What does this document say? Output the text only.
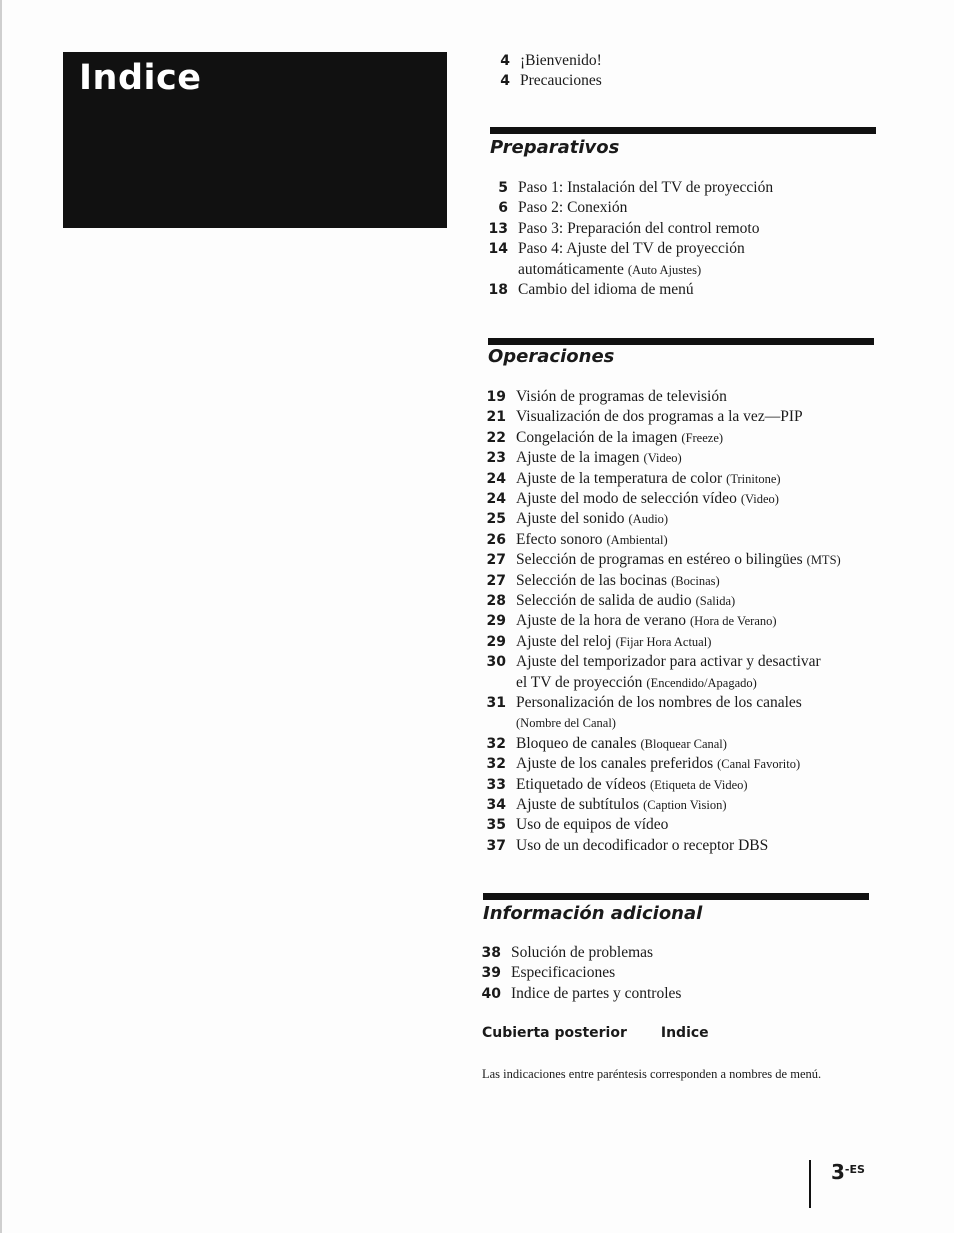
Indice	4 ¡Bienvenido!
4 Precauciones
Preparativos
5 Paso 1: Instalación del TV de proyección
6 Paso 2: Conexión
13 Paso 3: Preparación del control remoto
14 Paso 4: Ajuste del TV de proyección
automáticamente (Auto Ajustes)
18 Cambio del idioma de menú
Operaciones
19 Visión de programas de televisión
21 Visualización de dos programas a la vez—PIP
22 Congelación de la imagen (Freeze)
23 Ajuste de la imagen (Video)
24 Ajuste de la temperatura de color (Trinitone)
24 Ajuste del modo de selección vídeo (Video)
25 Ajuste del sonido (Audio)
26 Efecto sonoro (Ambiental)
27 Selección de programas en estéreo o bilingües (MTS)
27 Selección de las bocinas (Bocinas)
28 Selección de salida de audio (Salida)
29 Ajuste de la hora de verano (Hora de Verano)
29 Ajuste del reloj (Fijar Hora Actual)
30 Ajuste del temporizador para activar y desactivar
el TV de proyección (Encendido/Apagado)
31 Personalización de los nombres de los canales
(Nombre del Canal)
32 Bloqueo de canales (Bloquear Canal)
32 Ajuste de los canales preferidos (Canal Favorito)
33 Etiquetado de vídeos (Etiqueta de Video)
34 Ajuste de subtítulos (Caption Vision)
35 Uso de equipos de vídeo
37 Uso de un decodificador o receptor DBS
Información adicional
38 Solución de problemas
39 Especificaciones
40 Indice de partes y controles
Cubierta posterior Indice
Las indicaciones entre paréntesis corresponden a nombres de menú.
$3^{-ES}$
